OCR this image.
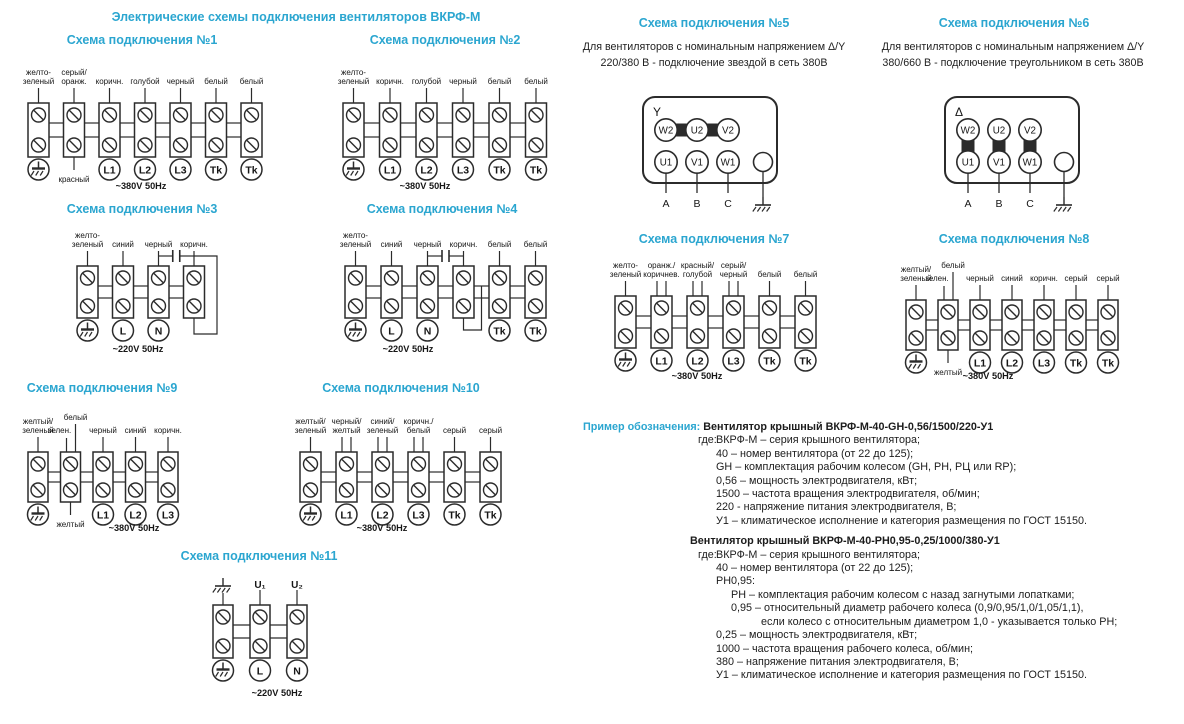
желто-
зеленый
серый/
оранж.
красный
коричн.
L1
голубой
L2
черный
L3
белый
Tk
белый
Tk
~380V 50Hz
желто-
зеленый коричн.
L1
голубой
L2
черный
L3
белый
Tk
белый
Tk
~380V 50Hz
желто-
зеленый синий
L
черный
N
коричн.
~220V 50Hz
желто-
зеленый синий
L
черный
N
коричн. белый
Tk
белый
Tk
~220V 50Hz
желто-
зеленый
оранж./
коричнев.
L1
красный/
голубой
L2
серый/
черный
L3
белый
Tk
белый
Tk
~380V 50Hz
желтый/
зеленый
зелен.
белый
желтый
черный
L1
синий
L2
коричн.
L3
серый
Tk
серый
Tk
~380V 50Hz
желтый/
зеленый
зелен.
белый
желтый
черный
L1
синий
L2
коричн.
L3
~380V 50Hz
желтый/
зеленый
черный/
желтый
L1
синий/
зеленый
L2
коричн./
белый
L3
серый
Tk
серый
Tk
~380V 50Hz
U₁
L
U₂
N
~220V 50Hz
Y
W2
U1
A
U2
V1
B
V2
W1
C
Δ
W2
U1
A
U2
V1
B
V2
W1
C
Электрические схемы подключения вентиляторов ВКРФ-М
Пример обозначения: Вентилятор крышный ВКРФ-М-40-GH-0,56/1500/220-У1
где: ВКРФ-М – серия крышного вентилятора;
40 – номер вентилятора (от 22 до 125);
GH – комплектация рабочим колесом (GH, РН, РЦ или RP);
0,56 – мощность электродвигателя, кВт;
1500 – частота вращения электродвигателя, об/мин;
220 - напряжение питания электродвигателя, В;
У1 – климатическое исполнение и категория размещения по ГОСТ 15150.
Вентилятор крышный ВКРФ-М-40-РН0,95-0,25/1000/380-У1
где: ВКРФ-М – серия крышного вентилятора;
40 – номер вентилятора (от 22 до 125);
РН0,95:
РН – комплектация рабочим колесом с назад загнутыми лопатками;
0,95 – относительный диаметр рабочего колеса (0,9/0,95/1,0/1,05/1,1),
если колесо с относительным диаметром 1,0 - указывается только РН;
0,25 – мощность электродвигателя, кВт;
1000 – частота вращения рабочего колеса, об/мин;
380 – напряжение питания электродвигателя, В;
У1 – климатическое исполнение и категория размещения по ГОСТ 15150.
Схема подключения №1	Схема подключения №2
Схема подключения №3	Схема подключения №4
Схема подключения №7	Схема подключения №8
Схема подключения №9	Схема подключения №10
Схема подключения №11
Схема подключения №5
Для вентиляторов с номинальным напряжением Δ/Y 220/380 В - подключение звездой в сеть 380В
Схема подключения №6
Для вентиляторов с номинальным напряжением Δ/Y 380/660 В - подключение треугольником в сеть 380В
